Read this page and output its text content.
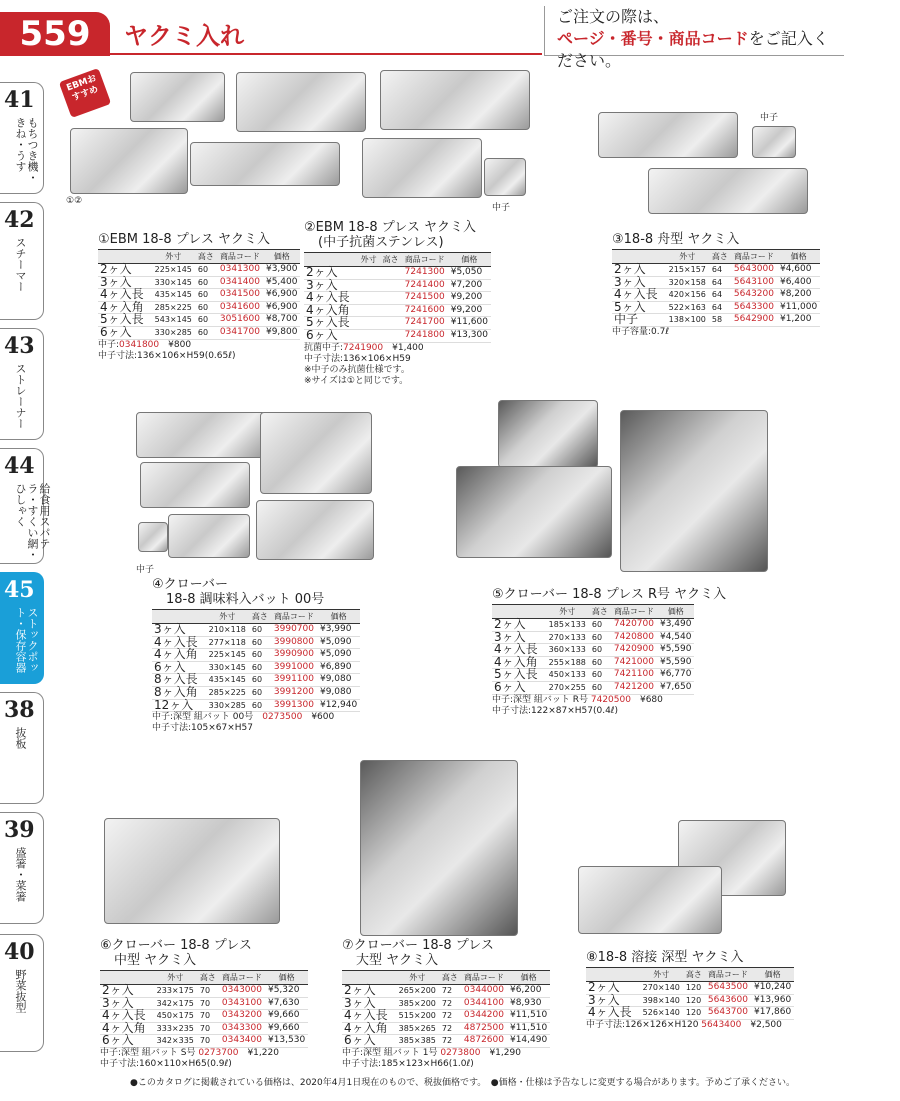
559	ヤクミ入れ
ご注文の際は、
ページ・番号・商品コードをご記入ください。
41
もちつき機・きね・うす
42
スチーマー
43
ストレーナー
44
給食用スパテラ・すくい網・ひしゃく
45
ストックポット・保存容器
38
抜板
39
盛箸・菜箸
40
野菜抜型
EBMおすすめ
①②
中子
中子
中子
①EBM 18-8 プレス ヤクミ入
	外寸	高さ	商品コード	価格
2ヶ入	225×145	60	0341300	¥3,900
3ヶ入	330×145	60	0341400	¥5,400
4ヶ入長	435×145	60	0341500	¥6,900
4ヶ入角	285×225	60	0341600	¥6,900
5ヶ入長	543×145	60	3051600	¥8,700
6ヶ入	330×285	60	0341700	¥9,800
中子:0341800　¥800
中子寸法:136×106×H59(0.65ℓ)
②EBM 18-8 プレス ヤクミ入
(中子抗菌ステンレス)
	外寸	高さ	商品コード	価格
2ヶ入			7241300	¥5,050
3ヶ入			7241400	¥7,200
4ヶ入長			7241500	¥9,200
4ヶ入角			7241600	¥9,200
5ヶ入長			7241700	¥11,600
6ヶ入			7241800	¥13,300
抗菌中子:7241900　¥1,400
中子寸法:136×106×H59
※中子のみ抗菌仕様です。
※サイズは①と同じです。
③18-8 舟型 ヤクミ入
	外寸	高さ	商品コード	価格
2ヶ入	215×157	64	5643000	¥4,600
3ヶ入	320×158	64	5643100	¥6,400
4ヶ入長	420×156	64	5643200	¥8,200
5ヶ入	522×163	64	5643300	¥11,000
中子	138×100	58	5642900	¥1,200
中子容量:0.7ℓ
④クローバー
18-8 調味料入バット 00号
	外寸	高さ	商品コード	価格
3ヶ入	210×118	60	3990700	¥3,990
4ヶ入長	277×118	60	3990800	¥5,090
4ヶ入角	225×145	60	3990900	¥5,090
6ヶ入	330×145	60	3991000	¥6,890
8ヶ入長	435×145	60	3991100	¥9,080
8ヶ入角	285×225	60	3991200	¥9,080
12ヶ入	330×285	60	3991300	¥12,940
中子:深型 組バット 00号　0273500　¥600
中子寸法:105×67×H57
⑤クローバー 18-8 プレス R号 ヤクミ入
	外寸	高さ	商品コード	価格
2ヶ入	185×133	60	7420700	¥3,490
3ヶ入	270×133	60	7420800	¥4,540
4ヶ入長	360×133	60	7420900	¥5,590
4ヶ入角	255×188	60	7421000	¥5,590
5ヶ入長	450×133	60	7421100	¥6,770
6ヶ入	270×255	60	7421200	¥7,650
中子:深型 組バット R号 7420500　¥680
中子寸法:122×87×H57(0.4ℓ)
⑥クローバー 18-8 プレス
中型 ヤクミ入
	外寸	高さ	商品コード	価格
2ヶ入	233×175	70	0343000	¥5,320
3ヶ入	342×175	70	0343100	¥7,630
4ヶ入長	450×175	70	0343200	¥9,660
4ヶ入角	333×235	70	0343300	¥9,660
6ヶ入	342×335	70	0343400	¥13,530
中子:深型 組バット S号 0273700　¥1,220
中子寸法:160×110×H65(0.9ℓ)
⑦クローバー 18-8 プレス
大型 ヤクミ入
	外寸	高さ	商品コード	価格
2ヶ入	265×200	72	0344000	¥6,200
3ヶ入	385×200	72	0344100	¥8,930
4ヶ入長	515×200	72	0344200	¥11,510
4ヶ入角	385×265	72	4872500	¥11,510
6ヶ入	385×385	72	4872600	¥14,490
中子:深型 組バット 1号 0273800　¥1,290
中子寸法:185×123×H66(1.0ℓ)
⑧18-8 溶接 深型 ヤクミ入
	外寸	高さ	商品コード	価格
2ヶ入	270×140	120	5643500	¥10,240
3ヶ入	398×140	120	5643600	¥13,960
4ヶ入長	526×140	120	5643700	¥17,860
中子寸法:126×126×H120 5643400　¥2,500
●このカタログに掲載されている価格は、2020年4月1日現在のもので、税抜価格です。　●価格・仕様は予告なしに変更する場合があります。予めご了承ください。
